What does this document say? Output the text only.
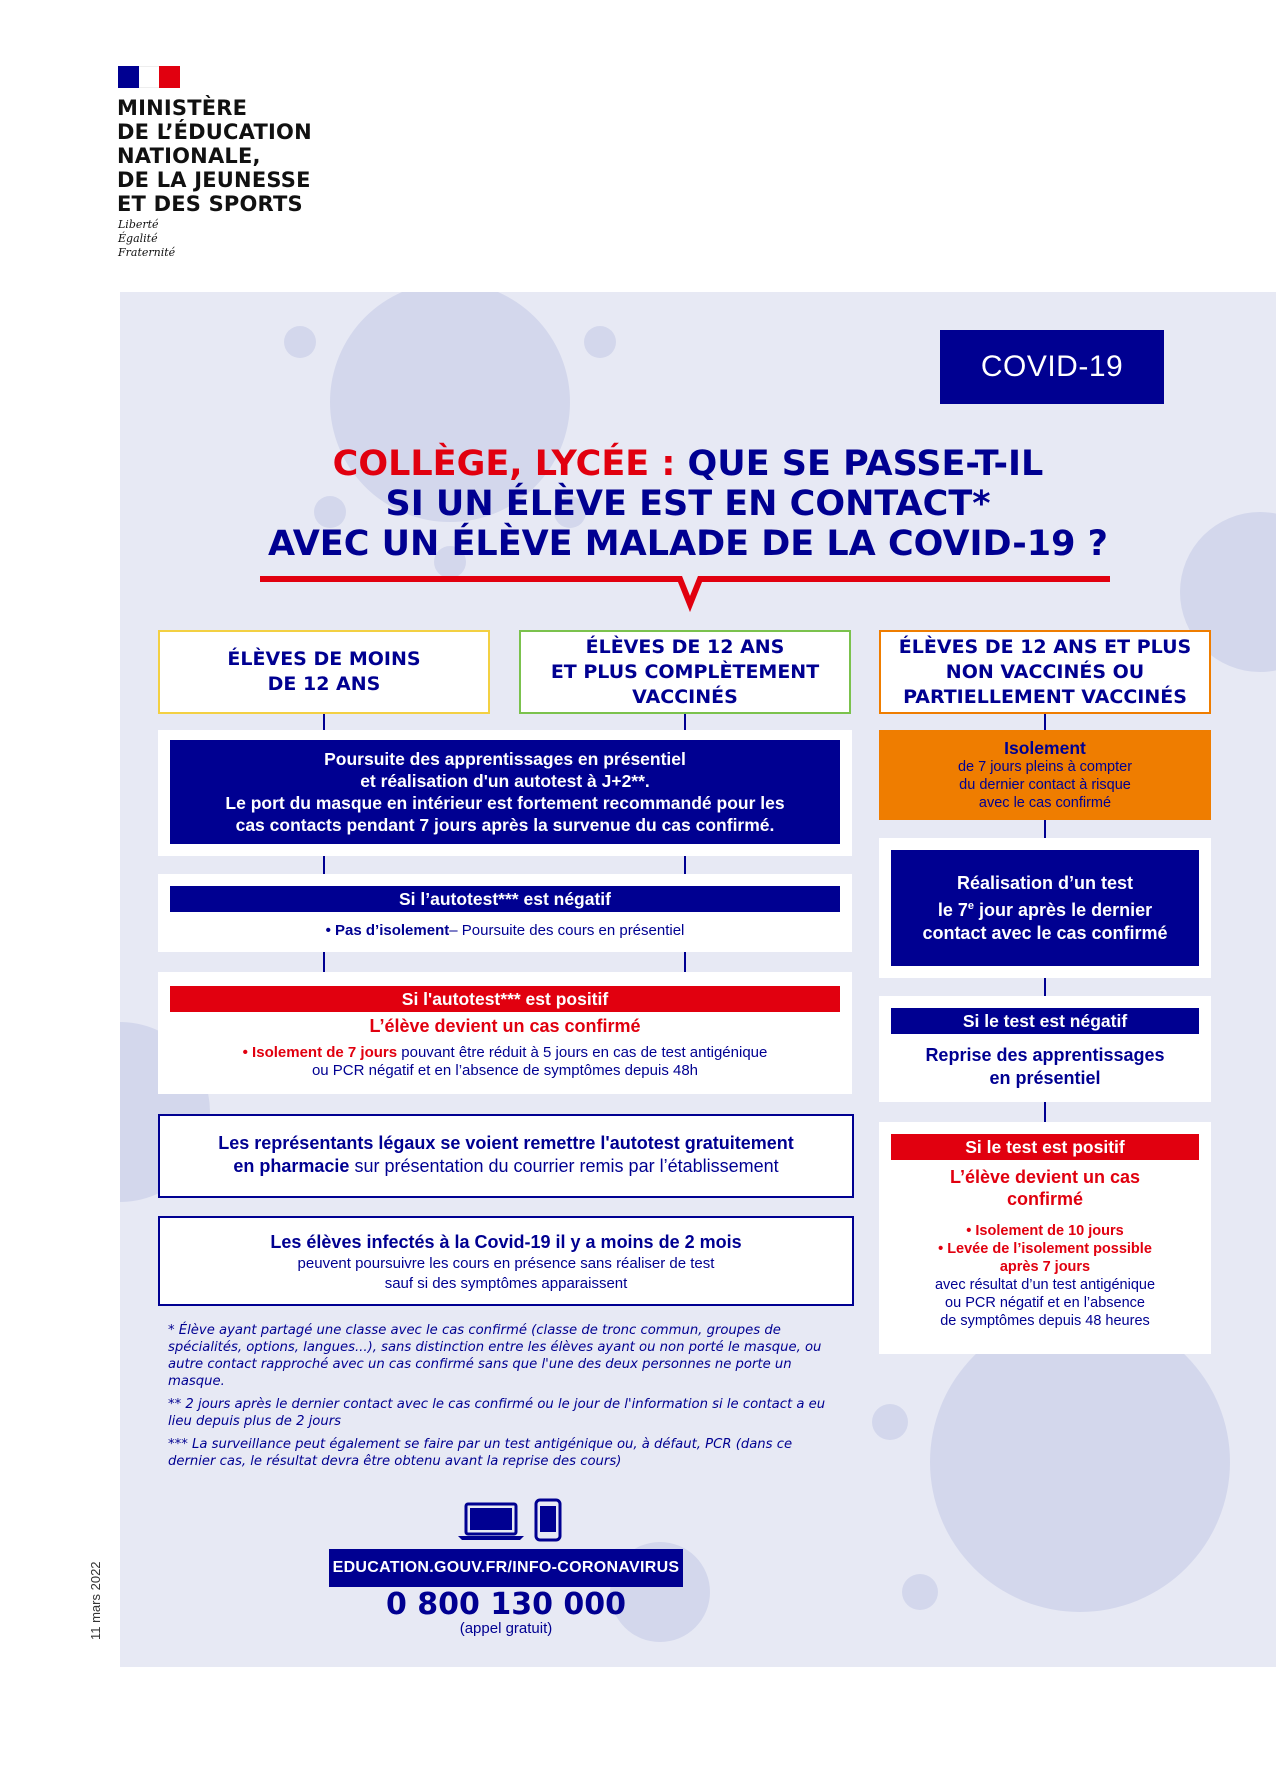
MINISTÈRE
DE L’ÉDUCATION
NATIONALE,
DE LA JEUNESSE
ET DES SPORTS
Liberté
Égalité
Fraternité
COVID-19
COLLÈGE, LYCÉE : QUE SE PASSE-T-IL
SI UN ÉLÈVE EST EN CONTACT*
AVEC UN ÉLÈVE MALADE DE LA COVID-19 ?
ÉLÈVES DE MOINS
DE 12 ANS
ÉLÈVES DE 12 ANS
ET PLUS COMPLÈTEMENT
VACCINÉS
ÉLÈVES DE 12 ANS ET PLUS
NON VACCINÉS OU
PARTIELLEMENT VACCINÉS
Poursuite des apprentissages en présentiel
et réalisation d'un autotest à J+2**.
Le port du masque en intérieur est fortement recommandé pour les
cas contacts pendant 7 jours après la survenue du cas confirmé.
Si l’autotest*** est négatif
• Pas d’isolement– Poursuite des cours en présentiel
Si l'autotest*** est positif
L’élève devient un cas confirmé
• Isolement de 7 jours pouvant être réduit à 5 jours en cas de test antigénique
ou PCR négatif et en l’absence de symptômes depuis 48h
Les représentants légaux se voient remettre l'autotest gratuitement
en pharmacie sur présentation du courrier remis par l’établissement
Les élèves infectés à la Covid-19 il y a moins de 2 mois
peuvent poursuivre les cours en présence sans réaliser de test
sauf si des symptômes apparaissent
Isolement
de 7 jours pleins à compter
du dernier contact à risque
avec le cas confirmé
Réalisation d’un test
le 7e jour après le dernier
contact avec le cas confirmé
Si le test est négatif
Reprise des apprentissages
en présentiel
Si le test est positif
L’élève devient un cas
confirmé
• Isolement de 10 jours
• Levée de l’isolement possible
après 7 jours
avec résultat d’un test antigénique
ou PCR négatif et en l’absence
de symptômes depuis 48 heures

* Élève ayant partagé une classe avec le cas confirmé (classe de tronc commun, groupes de spécialités, options, langues...), sans distinction entre les élèves ayant ou non porté le masque, ou autre contact rapproché avec un cas confirmé sans que l'une des deux personnes ne porte un masque.

** 2 jours après le dernier contact avec le cas confirmé ou le jour de l'information si le contact a eu lieu depuis plus de 2 jours

*** La surveillance peut également se faire par un test antigénique ou, à défaut, PCR (dans ce dernier cas, le résultat devra être obtenu avant la reprise des cours)

EDUCATION.GOUV.FR/INFO-CORONAVIRUS
0 800 130 000
(appel gratuit)
11 mars 2022
